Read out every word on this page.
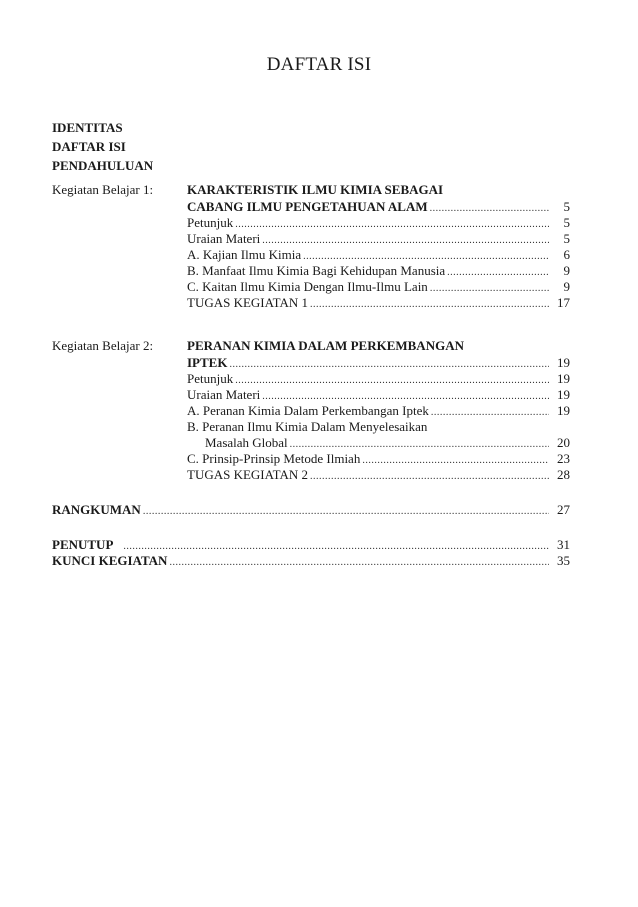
DAFTAR ISI
IDENTITAS
DAFTAR ISI
PENDAHULUAN
Kegiatan Belajar 1:	KARAKTERISTIK ILMU KIMIA SEBAGAI
CABANG ILMU PENGETAHUAN ALAM .....	5
Petunjuk .....	5
Uraian Materi .....	5
A. Kajian Ilmu Kimia .....	6
B. Manfaat Ilmu Kimia Bagi Kehidupan Manusia .....	9
C. Kaitan Ilmu Kimia Dengan Ilmu-Ilmu Lain .....	9
TUGAS KEGIATAN 1 .....	17
Kegiatan Belajar 2:	PERANAN KIMIA DALAM PERKEMBANGAN
IPTEK .....	19
Petunjuk .....	19
Uraian Materi .....	19
A. Peranan Kimia Dalam Perkembangan Iptek .....	19
B. Peranan Ilmu Kimia Dalam Menyelesaikan
Masalah Global .....	20
C. Prinsip-Prinsip Metode Ilmiah .....	23
TUGAS KEGIATAN 2 .....	28
RANGKUMAN .....	27
PENUTUP .....	31
KUNCI KEGIATAN .....	35
